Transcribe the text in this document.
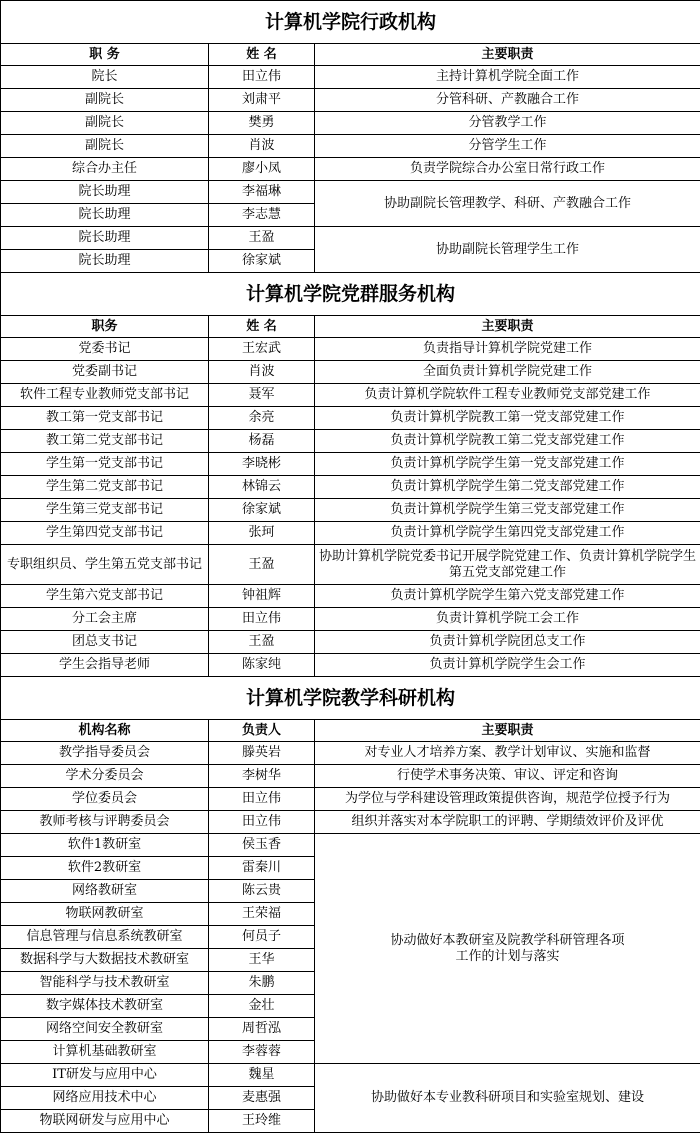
计算机学院行政机构		
职 务	姓 名	主要职责
院长	田立伟	主持计算机学院全面工作
副院长	刘肃平	分管科研、产教融合工作
副院长	樊勇	分管教学工作
副院长	肖波	分管学生工作
综合办主任	廖小凤	负责学院综合办公室日常行政工作
院长助理	李福琳	协助副院长管理教学、科研、产教融合工作
院长助理	李志慧	
院长助理	王盈	协助副院长管理学生工作
院长助理	徐家斌	
计算机学院党群服务机构		
职务	姓 名	主要职责
党委书记	王宏武	负责指导计算机学院党建工作
党委副书记	肖波	全面负责计算机学院党建工作
软件工程专业教师党支部书记	聂军	负责计算机学院软件工程专业教师党支部党建工作
教工第一党支部书记	余亮	负责计算机学院教工第一党支部党建工作
教工第二党支部书记	杨磊	负责计算机学院教工第二党支部党建工作
学生第一党支部书记	李晓彬	负责计算机学院学生第一党支部党建工作
学生第二党支部书记	林锦云	负责计算机学院学生第二党支部党建工作
学生第三党支部书记	徐家斌	负责计算机学院学生第三党支部党建工作
学生第四党支部书记	张珂	负责计算机学院学生第四党支部党建工作
专职组织员、学生第五党支部书记	王盈	协助计算机学院党委书记开展学院党建工作、负责计算机学院学生第五党支部党建工作
学生第六党支部书记	钟祖辉	负责计算机学院学生第六党支部党建工作
分工会主席	田立伟	负责计算机学院工会工作
团总支书记	王盈	负责计算机学院团总支工作
学生会指导老师	陈家纯	负责计算机学院学生会工作
计算机学院教学科研机构		
机构名称	负责人	主要职责
教学指导委员会	滕英岩	对专业人才培养方案、教学计划审议、实施和监督
学术分委员会	李树华	行使学术事务决策、审议、评定和咨询
学位委员会	田立伟	为学位与学科建设管理政策提供咨询，规范学位授予行为
教师考核与评聘委员会	田立伟	组织并落实对本学院职工的评聘、学期绩效评价及评优
软件1教研室	侯玉香	协动做好本教研室及院教学科研管理各项工作的计划与落实
软件2教研室	雷秦川	
网络教研室	陈云贵	
物联网教研室	王荣福	
信息管理与信息系统教研室	何员子	
数据科学与大数据技术教研室	王华	
智能科学与技术教研室	朱鹏	
数字媒体技术教研室	金壮	
网络空间安全教研室	周哲泓	
计算机基础教研室	李蓉蓉	
IT研发与应用中心	魏星	协助做好本专业教科研项目和实验室规划、建设
网络应用技术中心	麦惠强	
物联网研发与应用中心	王玲维	
